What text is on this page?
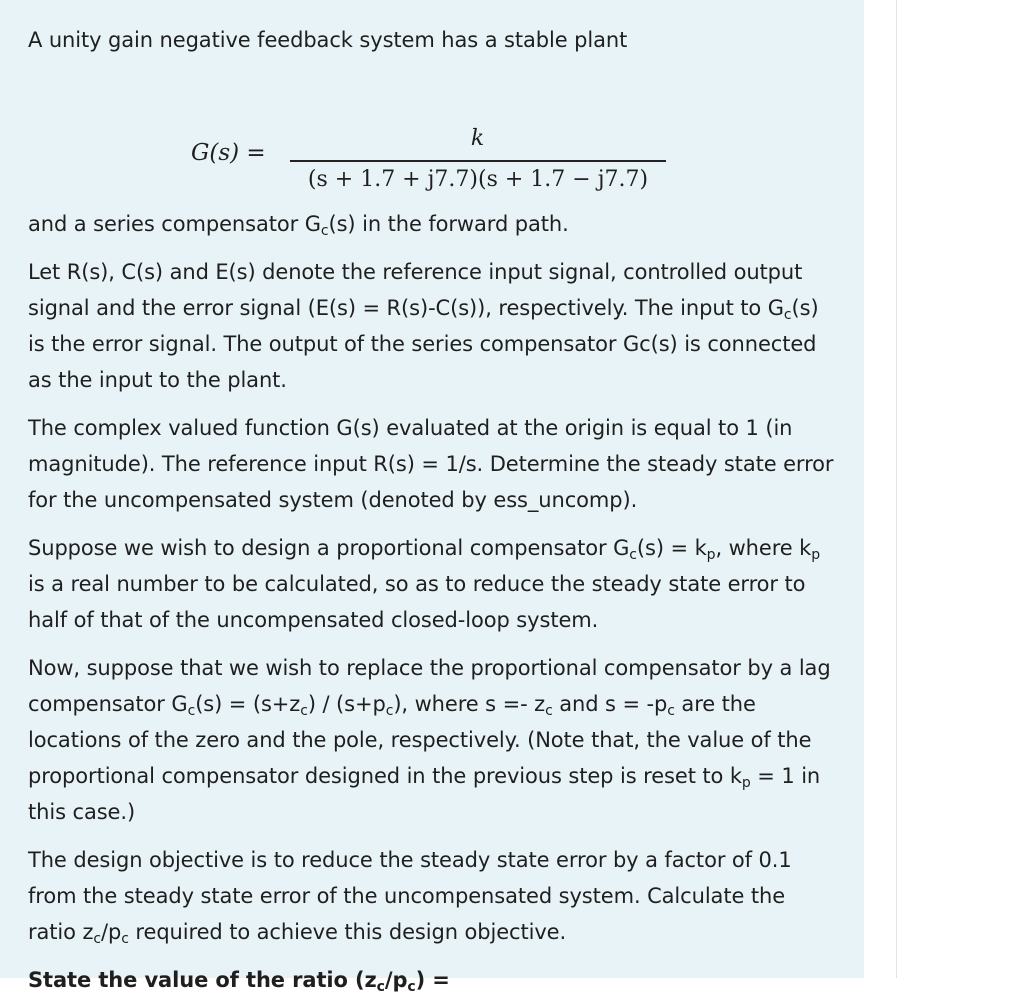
A unity gain negative feedback system has a stable plant

G(s) =
k
(s + 1.7 + j7.7)(s + 1.7 − j7.7)

and a series compensator $G_c(s)$ in the forward path.

Let R(s), C(s) and E(s) denote the reference input signal, controlled output signal and the error signal (E(s) = R(s)-C(s)), respectively. The input to $G_c(s)$ is the error signal. The output of the series compensator Gc(s) is connected as the input to the plant.

The complex valued function G(s) evaluated at the origin is equal to 1 (in magnitude). The reference input R(s) = 1/s. Determine the steady state error for the uncompensated system (denoted by ess_uncomp).

Suppose we wish to design a proportional compensator $G_c(s) = k_p$, where $k_p$ is a real number to be calculated, so as to reduce the steady state error to half of that of the uncompensated closed-loop system.

Now, suppose that we wish to replace the proportional compensator by a lag compensator $G_c(s) = (s+z_c) / (s+p_c)$, where $s =- z_c$ and $s = -p_c$ are the locations of the zero and the pole, respectively. (Note that, the value of the proportional compensator designed in the previous step is reset to $k_p = 1$ in this case.)

The design objective is to reduce the steady state error by a factor of 0.1 from the steady state error of the uncompensated system. Calculate the ratio $z_c/p_c$ required to achieve this design objective.

State the value of the ratio $(z_c/p_c)$ =
